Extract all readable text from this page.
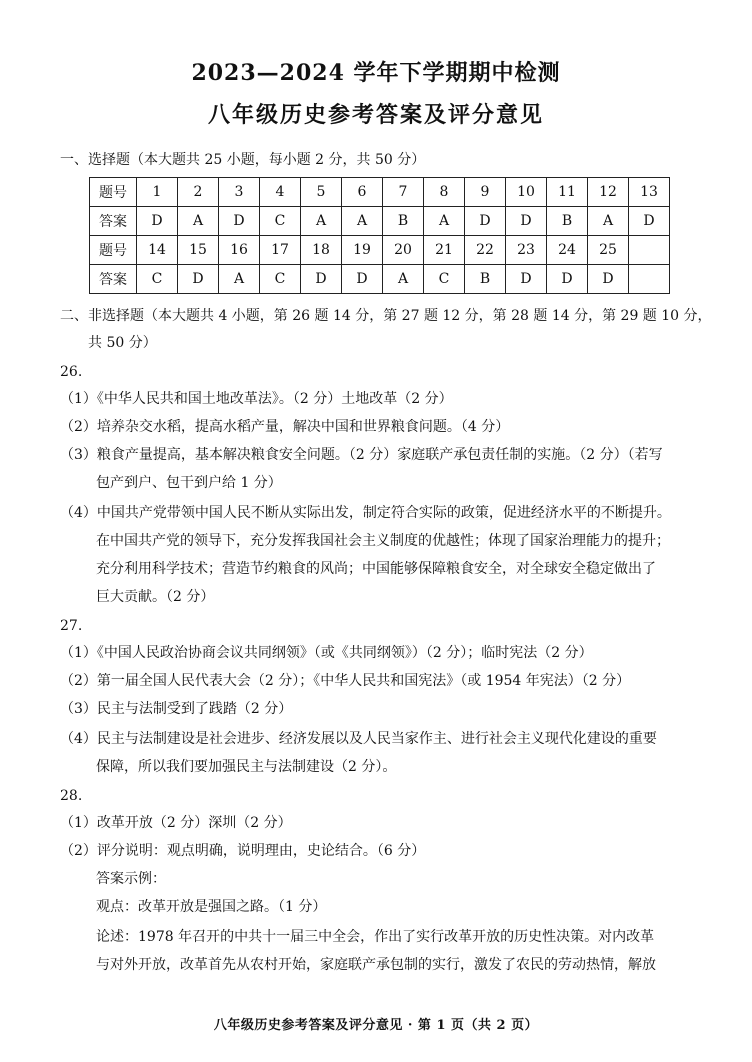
2023—2024 学年下学期期中检测
八年级历史参考答案及评分意见
一、选择题（本大题共 25 小题，每小题 2 分，共 50 分）
题号	1	2	3	4	5	6	7	8	9	10	11	12	13
答案	D	A	D	C	A	A	B	A	D	D	B	A	D
题号	14	15	16	17	18	19	20	21	22	23	24	25	
答案	C	D	A	C	D	D	A	C	B	D	D	D	
二、非选择题（本大题共 4 小题，第 26 题 14 分，第 27 题 12 分，第 28 题 14 分，第 29 题 10 分，
共 50 分）
26.
（1）《中华人民共和国土地改革法》。（2 分）土地改革（2 分）
（2）培养杂交水稻，提高水稻产量，解决中国和世界粮食问题。（4 分）
（3）粮食产量提高，基本解决粮食安全问题。（2 分）家庭联产承包责任制的实施。（2 分）（若写
包产到户、包干到户给 1 分）
（4）中国共产党带领中国人民不断从实际出发，制定符合实际的政策，促进经济水平的不断提升。
在中国共产党的领导下，充分发挥我国社会主义制度的优越性；体现了国家治理能力的提升；
充分利用科学技术；营造节约粮食的风尚；中国能够保障粮食安全，对全球安全稳定做出了
巨大贡献。（2 分）
27.
（1）《中国人民政治协商会议共同纲领》（或《共同纲领》）（2 分）；临时宪法（2 分）
（2）第一届全国人民代表大会（2 分）；《中华人民共和国宪法》（或 1954 年宪法）（2 分）
（3）民主与法制受到了践踏（2 分）
（4）民主与法制建设是社会进步、经济发展以及人民当家作主、进行社会主义现代化建设的重要
保障，所以我们要加强民主与法制建设（2 分）。
28.
（1）改革开放（2 分）深圳（2 分）
（2）评分说明：观点明确，说明理由，史论结合。（6 分）
答案示例：
观点：改革开放是强国之路。（1 分）
论述：1978 年召开的中共十一届三中全会，作出了实行改革开放的历史性决策。对内改革
与对外开放，改革首先从农村开始，家庭联产承包制的实行，激发了农民的劳动热情，解放
八年级历史参考答案及评分意见 · 第 1 页（共 2 页）
